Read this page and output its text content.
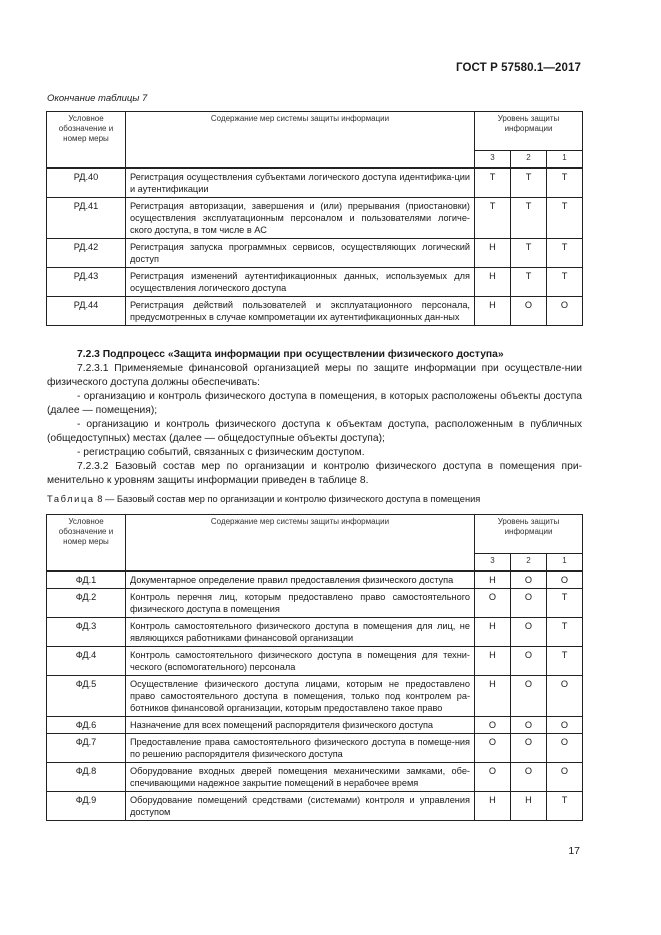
ГОСТ Р 57580.1—2017
Окончание таблицы 7
Условное обозначение и номер меры	Содержание мер системы защиты информации	Уровень защиты информации		
		3	2	1
РД.40	Регистрация осуществления субъектами логического доступа идентифика-ции и аутентификации	Т	Т	Т
РД.41	Регистрация авторизации, завершения и (или) прерывания (приостановки) осуществления эксплуатационным персоналом и пользователями логиче-ского доступа, в том числе в АС	Т	Т	Т
РД.42	Регистрация запуска программных сервисов, осуществляющих логический доступ	Н	Т	Т
РД.43	Регистрация изменений аутентификационных данных, используемых для осуществления логического доступа	Н	Т	Т
РД.44	Регистрация действий пользователей и эксплуатационного персонала, предусмотренных в случае компрометации их аутентификационных дан-ных	Н	О	О

7.2.3 Подпроцесс «Защита информации при осуществлении физического доступа»

7.2.3.1 Применяемые финансовой организацией меры по защите информации при осуществле-нии физического доступа должны обеспечивать:

- организацию и контроль физического доступа в помещения, в которых расположены объекты доступа (далее — помещения);

- организацию и контроль физического доступа к объектам доступа, расположенным в публичных (общедоступных) местах (далее — общедоступные объекты доступа);

- регистрацию событий, связанных с физическим доступом.

7.2.3.2 Базовый состав мер по организации и контролю физического доступа в помещения при-менительно к уровням защиты информации приведен в таблице 8.

Таблица 8 — Базовый состав мер по организации и контролю физического доступа в помещения
Условное обозначение и номер меры	Содержание мер системы защиты информации	Уровень защиты информации		
		3	2	1
ФД.1	Документарное определение правил предоставления физического доступа	Н	О	О
ФД.2	Контроль перечня лиц, которым предоставлено право самостоятельного физического доступа в помещения	О	О	Т
ФД.3	Контроль самостоятельного физического доступа в помещения для лиц, не являющихся работниками финансовой организации	Н	О	Т
ФД.4	Контроль самостоятельного физического доступа в помещения для техни-ческого (вспомогательного) персонала	Н	О	Т
ФД.5	Осуществление физического доступа лицами, которым не предоставлено право самостоятельного доступа в помещения, только под контролем ра-ботников финансовой организации, которым предоставлено такое право	Н	О	О
ФД.6	Назначение для всех помещений распорядителя физического доступа	О	О	О
ФД.7	Предоставление права самостоятельного физического доступа в помеще-ния по решению распорядителя физического доступа	О	О	О
ФД.8	Оборудование входных дверей помещения механическими замками, обе-спечивающими надежное закрытие помещений в нерабочее время	О	О	О
ФД.9	Оборудование помещений средствами (системами) контроля и управления доступом	Н	Н	Т
17
